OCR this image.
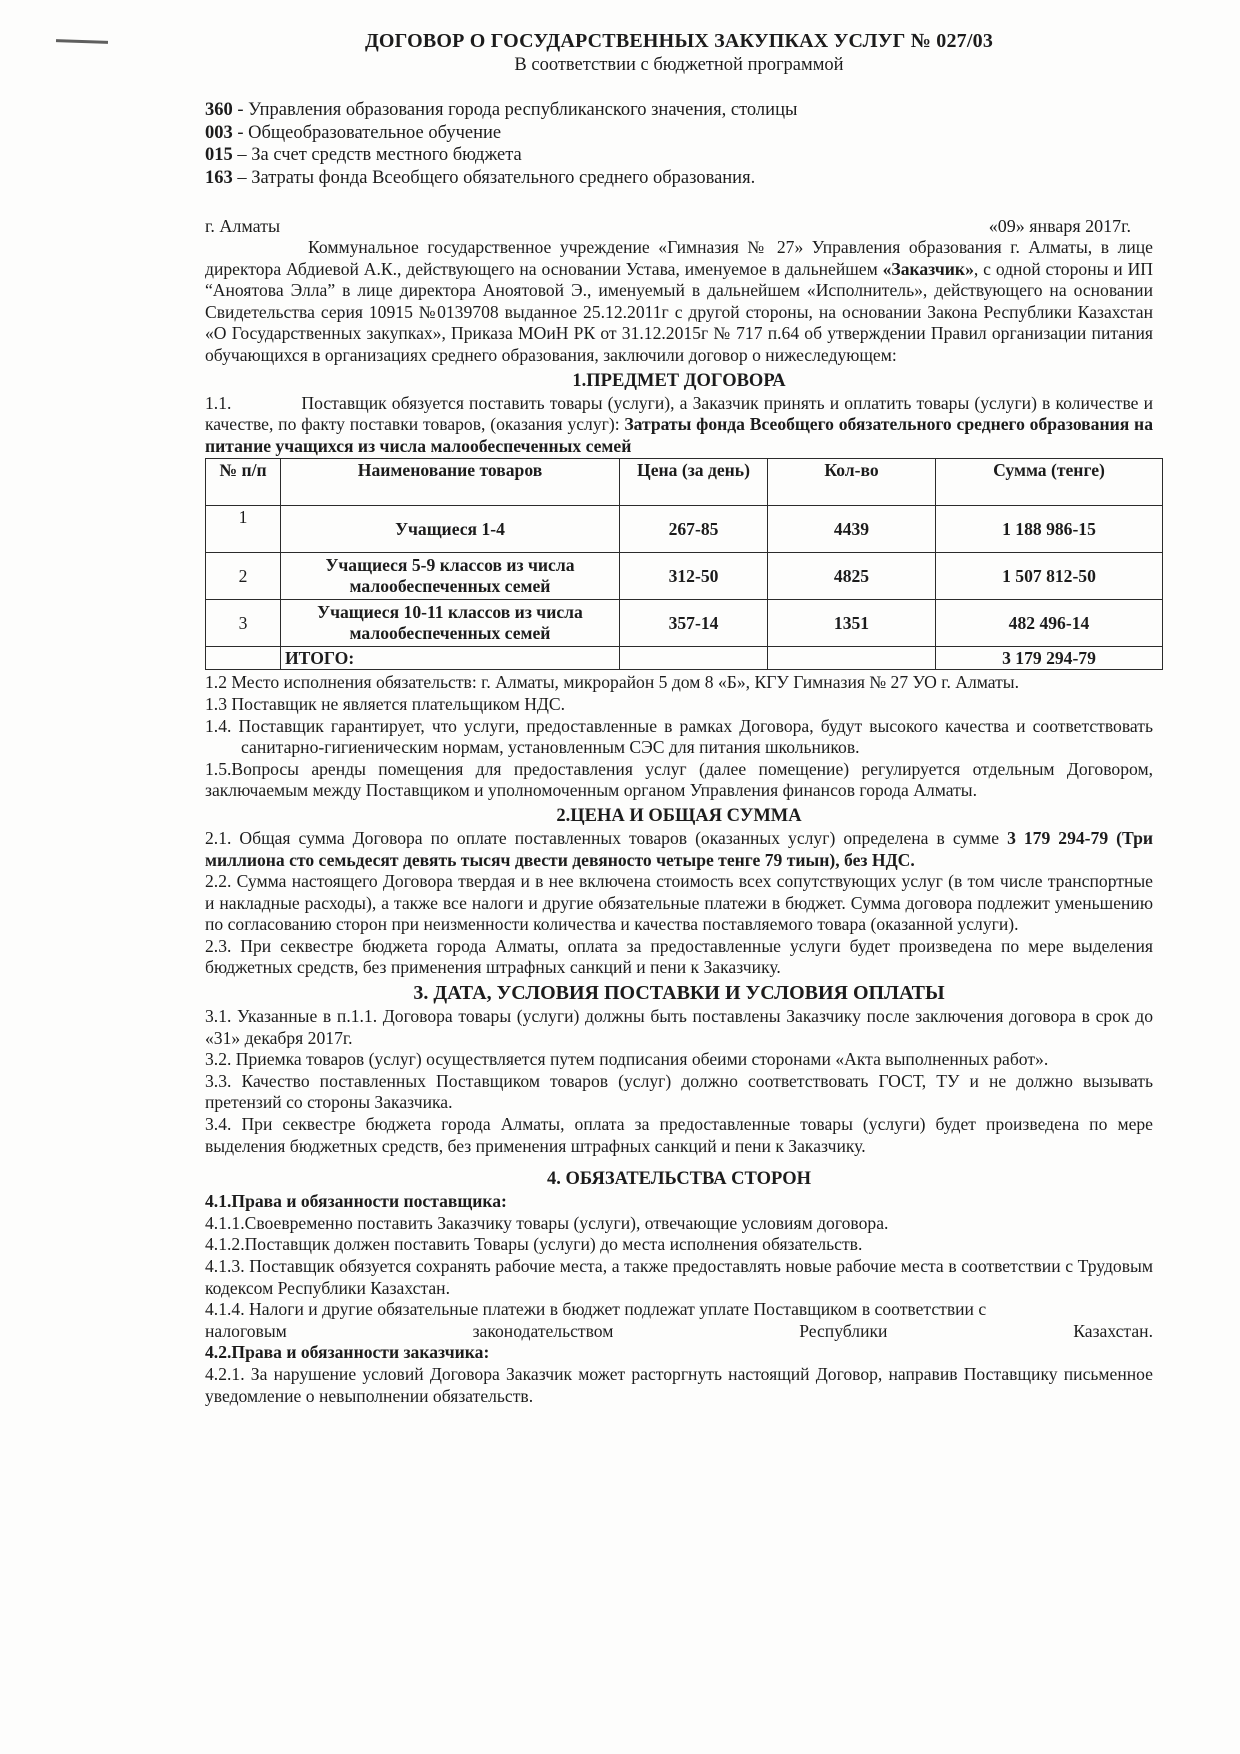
ДОГОВОР О ГОСУДАРСТВЕННЫХ ЗАКУПКАХ УСЛУГ № 027/03
В соответствии с бюджетной программой
360 - Управления образования города республиканского значения, столицы
003 - Общеобразовательное обучение
015 – За счет средств местного бюджета
163 – Затраты фонда Всеобщего обязательного среднего образования.
г. Алматы	«09» января 2017г.

Коммунальное государственное учреждение «Гимназия № 27» Управления образования г. Алматы, в лице директора Абдиевой А.К., действующего на основании Устава, именуемое в дальнейшем «Заказчик», с одной стороны и ИП “Аноятова Элла” в лице директора Аноятовой Э., именуемый в дальнейшем «Исполнитель», действующего на основании Свидетельства серия 10915 №0139708 выданное 25.12.2011г с другой стороны, на основании Закона Республики Казахстан «О Государственных закупках», Приказа МОиН РК от 31.12.2015г № 717 п.64 об утверждении Правил организации питания обучающихся в организациях среднего образования, заключили договор о нижеследующем:

1.ПРЕДМЕТ ДОГОВОРА

1.1.	Поставщик обязуется поставить товары (услуги), а Заказчик принять и оплатить товары (услуги) в количестве и качестве, по факту поставки товаров, (оказания услуг): Затраты фонда Всеобщего обязательного среднего образования на питание учащихся из числа малообеспеченных семей

№ п/п	Наименование товаров	Цена (за день)	Кол-во	Сумма (тенге)
1	Учащиеся 1-4	267-85	4439	1 188 986-15
2	Учащиеся 5-9 классов из числа малообеспеченных семей	312-50	4825	1 507 812-50
3	Учащиеся 10-11 классов из числа малообеспеченных семей	357-14	1351	482 496-14
	ИТОГО:			3 179 294-79

1.2 Место исполнения обязательств: г. Алматы, микрорайон 5 дом 8 «Б», КГУ Гимназия № 27 УО г. Алматы.

1.3 Поставщик не является плательщиком НДС.

1.4. Поставщик гарантирует, что услуги, предоставленные в рамках Договора, будут высокого качества и соответствовать санитарно-гигиеническим нормам, установленным СЭС для питания школьников.

1.5.Вопросы аренды помещения для предоставления услуг (далее помещение) регулируется отдельным Договором, заключаемым между Поставщиком и уполномоченным органом Управления финансов города Алматы.

2.ЦЕНА И ОБЩАЯ СУММА

2.1. Общая сумма Договора по оплате поставленных товаров (оказанных услуг) определена в сумме 3 179 294-79 (Три миллиона сто семьдесят девять тысяч двести девяносто четыре тенге 79 тиын), без НДС.

2.2. Сумма настоящего Договора твердая и в нее включена стоимость всех сопутствующих услуг (в том числе транспортные и накладные расходы), а также все налоги и другие обязательные платежи в бюджет. Сумма договора подлежит уменьшению по согласованию сторон при неизменности количества и качества поставляемого товара (оказанной услуги).

2.3. При секвестре бюджета города Алматы, оплата за предоставленные услуги будет произведена по мере выделения бюджетных средств, без применения штрафных санкций и пени к Заказчику.

3. ДАТА, УСЛОВИЯ ПОСТАВКИ И УСЛОВИЯ ОПЛАТЫ

3.1. Указанные в п.1.1. Договора товары (услуги) должны быть поставлены Заказчику после заключения договора в срок до «31» декабря 2017г.

3.2. Приемка товаров (услуг) осуществляется путем подписания обеими сторонами «Акта выполненных работ».

3.3. Качество поставленных Поставщиком товаров (услуг) должно соответствовать ГОСТ, ТУ и не должно вызывать претензий со стороны Заказчика.

3.4. При секвестре бюджета города Алматы, оплата за предоставленные товары (услуги) будет произведена по мере выделения бюджетных средств, без применения штрафных санкций и пени к Заказчику.

4. ОБЯЗАТЕЛЬСТВА СТОРОН

4.1.Права и обязанности поставщика:

4.1.1.Своевременно поставить Заказчику товары (услуги), отвечающие условиям договора.

4.1.2.Поставщик должен поставить Товары (услуги) до места исполнения обязательств.

4.1.3. Поставщик обязуется сохранять рабочие места, а также предоставлять новые рабочие места в соответствии с Трудовым кодексом Республики Казахстан.

4.1.4. Налоги и другие обязательные платежи в бюджет подлежат уплате Поставщиком в соответствии с

налоговым	законодательством	Республики	Казахстан.

4.2.Права и обязанности заказчика:

4.2.1. За нарушение условий Договора Заказчик может расторгнуть настоящий Договор, направив Поставщику письменное уведомление о невыполнении обязательств.
